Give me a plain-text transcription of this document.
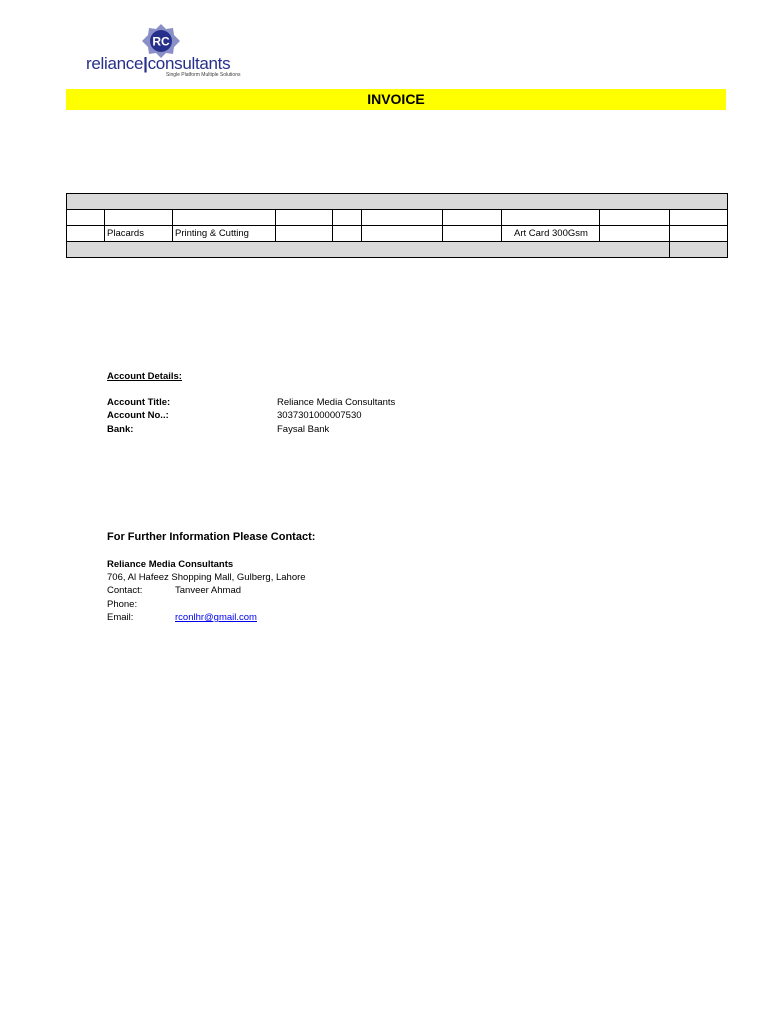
RC
reliance|consultants
Single Platform Multiple Solutions
INVOICE

	Placards	Printing & Cutting					Art Card 300Gsm		

Account Details:
Account Title:	Reliance Media Consultants
Account No..:	3037301000007530
Bank:	Faysal Bank
For Further Information Please Contact:
Reliance Media Consultants
706, Al Hafeez Shopping Mall, Gulberg, Lahore
Contact:	Tanveer Ahmad
Phone:
Email:	rconlhr@gmail.com
